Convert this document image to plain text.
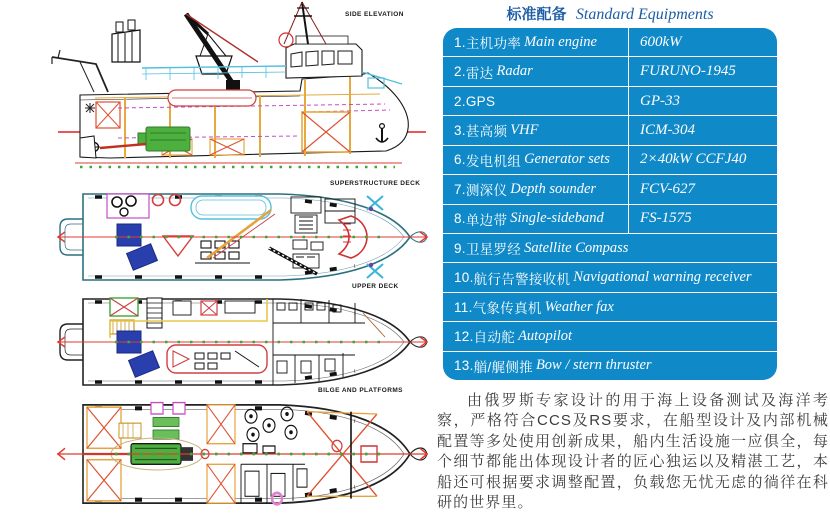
SIDE ELEVATION
SUPERSTRUCTURE DECK
UPPER DECK
BILGE AND PLATFORMS
标准配备 Standard Equipments
1. 主机功率 Main engine	600kW
2. 雷达 Radar	FURUNO-1945
2. GPS	GP-33
3. 甚高频 VHF	ICM-304
6. 发电机组 Generator sets	2×40kW CCFJ40
7. 测深仪 Depth sounder	FCV-627
8. 单边带 Single-sideband	FS-1575
9. 卫星罗经 Satellite Compass
10. 航行告警接收机 Navigational warning receiver
11. 气象传真机 Weather fax
12. 自动舵 Autopilot
13. 艏/艉侧推 Bow / stern thruster

由俄罗斯专家设计的用于海上设备测试及海洋考察，严格符合CCS及RS要求，在船型设计及内部机械配置等多处使用创新成果，船内生活设施一应俱全，每个细节都能出体现设计者的匠心独运以及精湛工艺，本船还可根据要求调整配置，负载您无忧无虑的徜徉在科研的世界里。
